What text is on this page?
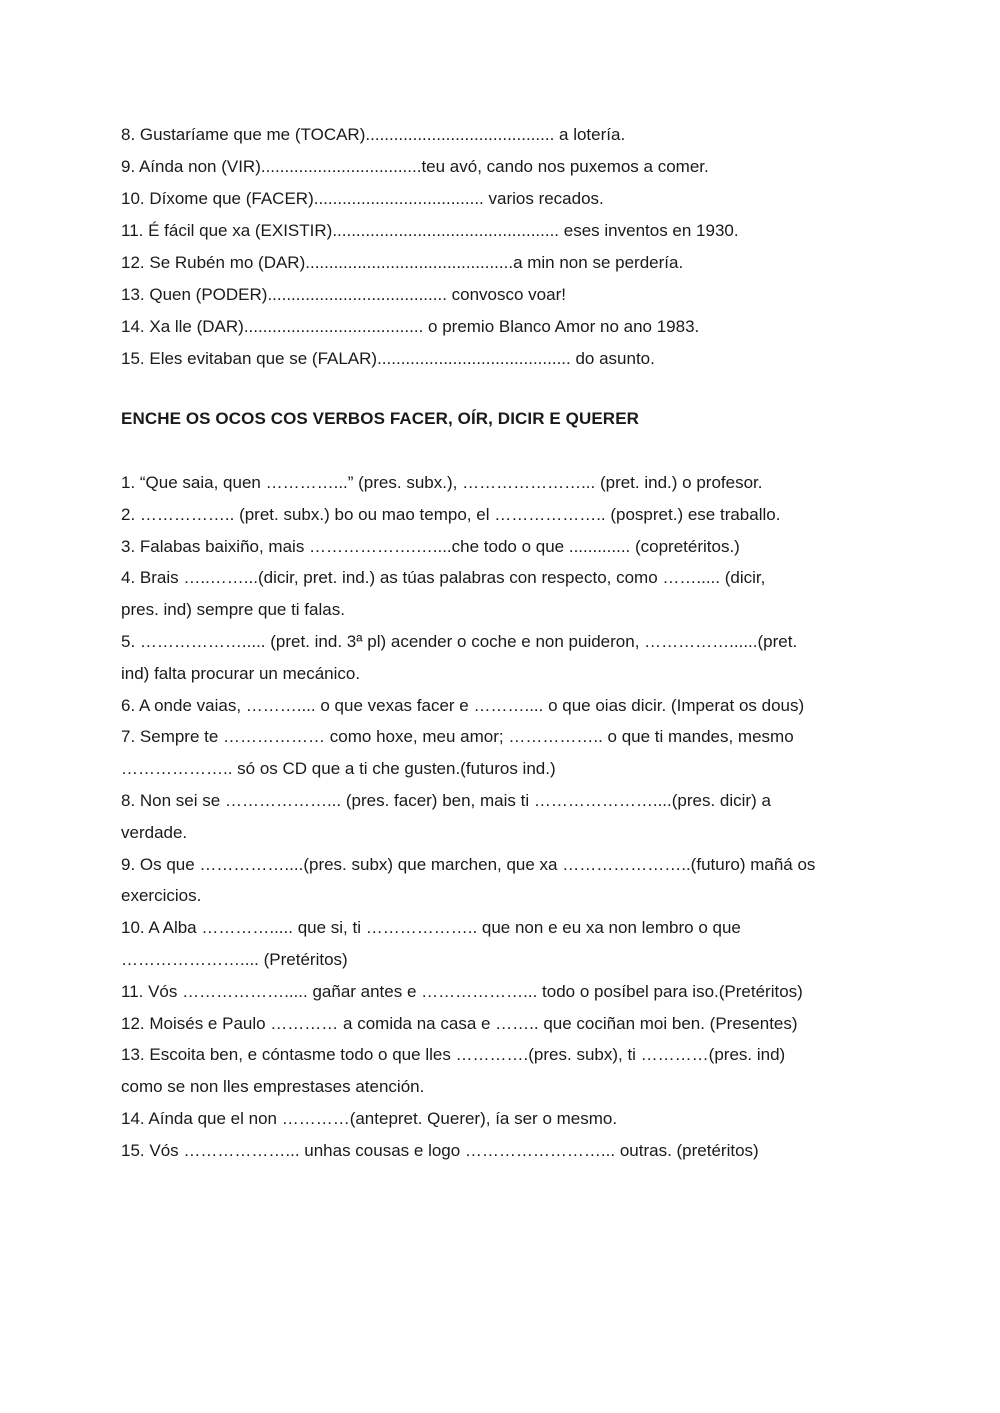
8. Gustaríame que me (TOCAR)........................................ a lotería.
9. Aínda non (VIR)..................................teu avó, cando nos puxemos a comer.
10. Díxome que (FACER).................................... varios recados.
11. É fácil que xa (EXISTIR)................................................ eses inventos en 1930.
12. Se Rubén mo (DAR)............................................a min non se perdería.
13. Quen (PODER)...................................... convosco voar!
14. Xa lle (DAR)...................................... o premio Blanco Amor no ano 1983.
15. Eles evitaban que se (FALAR)......................................... do asunto.
ENCHE OS OCOS COS VERBOS FACER, OÍR, DICIR E QUERER
1. “Que saia, quen …………...” (pres. subx.), …………………... (pret. ind.) o profesor.
2. …………….. (pret. subx.) bo ou mao tempo, el ……………….. (pospret.) ese traballo.
3. Falabas baixiño, mais ……………….…....che todo o que ............. (copretéritos.)
4. Brais …..……...(dicir, pret. ind.) as túas palabras con respecto, como ……..... (dicir,
pres. ind) sempre que ti falas.
5. ………………..... (pret. ind. 3ª pl) acender o coche e non puideron, ……………......(pret.
ind) falta procurar un mecánico.
6. A onde vaias, ……….... o que vexas facer e ……….... o que oias dicir. (Imperat os dous)
7. Sempre te ……………… como hoxe, meu amor; …………….. o que ti mandes, mesmo
……………….. só os CD que a ti che gusten.(futuros ind.)
8. Non sei se ………………... (pres. facer) ben, mais ti …………………....(pres. dicir) a
verdade.
9. Os que ……………....(pres. subx) que marchen, que xa …………………..(futuro) mañá os
exercicios.
10. A Alba …………..... que si, ti ……………….. que non e eu xa non lembro o que
………………….... (Pretéritos)
11. Vós ………………..... gañar antes e ………………... todo o posíbel para iso.(Pretéritos)
12. Moisés e Paulo ………… a comida na casa e …….. que cociñan moi ben. (Presentes)
13. Escoita ben, e cóntasme todo o que lles ………….(pres. subx), ti …………(pres. ind)
como se non lles emprestases atención.
14. Aínda que el non …………(antepret. Querer), ía ser o mesmo.
15. Vós ………………... unhas cousas e logo ……………………... outras. (pretéritos)
